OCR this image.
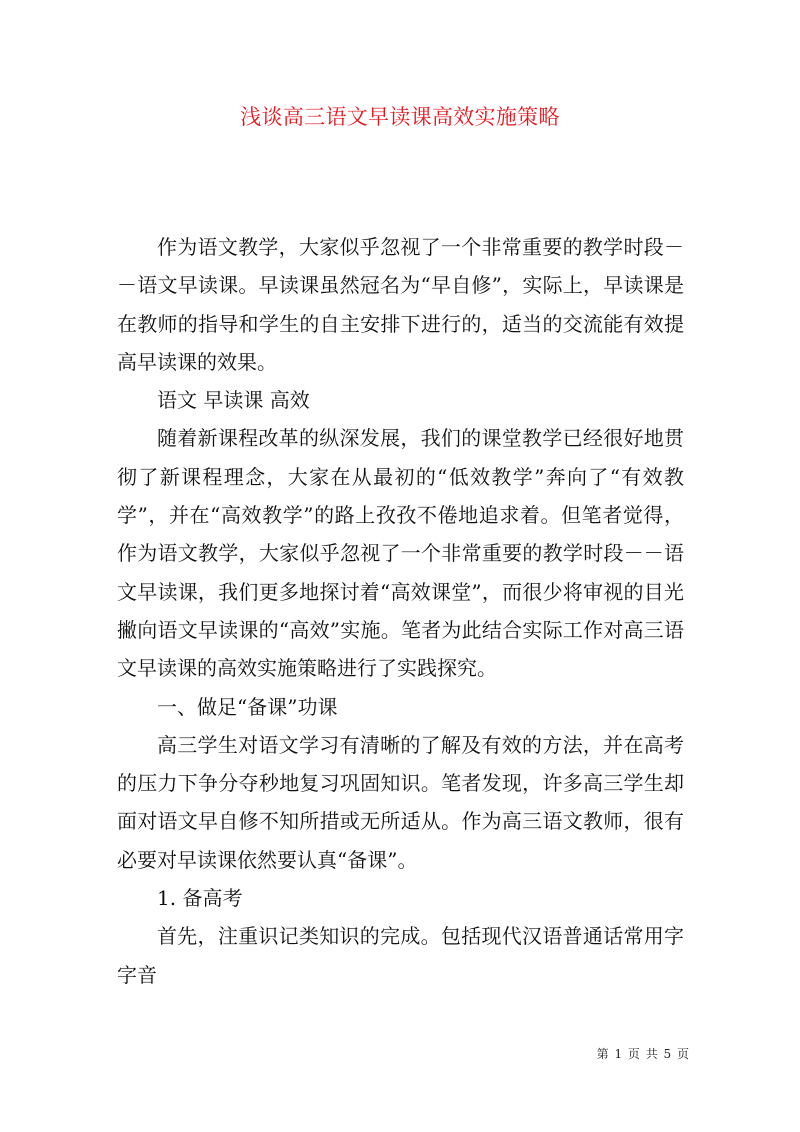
浅谈高三语文早读课高效实施策略

作为语文教学，大家似乎忽视了一个非常重要的教学时段－－语文早读课。早读课虽然冠名为“早自修”，实际上，早读课是在教师的指导和学生的自主安排下进行的，适当的交流能有效提高早读课的效果。

语文 早读课 高效

随着新课程改革的纵深发展，我们的课堂教学已经很好地贯彻了新课程理念，大家在从最初的“低效教学”奔向了“有效教学”，并在“高效教学”的路上孜孜不倦地追求着。但笔者觉得，作为语文教学，大家似乎忽视了一个非常重要的教学时段－－语文早读课，我们更多地探讨着“高效课堂”，而很少将审视的目光撇向语文早读课的“高效”实施。笔者为此结合实际工作对高三语文早读课的高效实施策略进行了实践探究。

一、做足“备课”功课

高三学生对语文学习有清晰的了解及有效的方法，并在高考的压力下争分夺秒地复习巩固知识。笔者发现，许多高三学生却面对语文早自修不知所措或无所适从。作为高三语文教师，很有必要对早读课依然要认真“备课”。

1. 备高考

首先，注重识记类知识的完成。包括现代汉语普通话常用字字音

第 1 页 共 5 页
